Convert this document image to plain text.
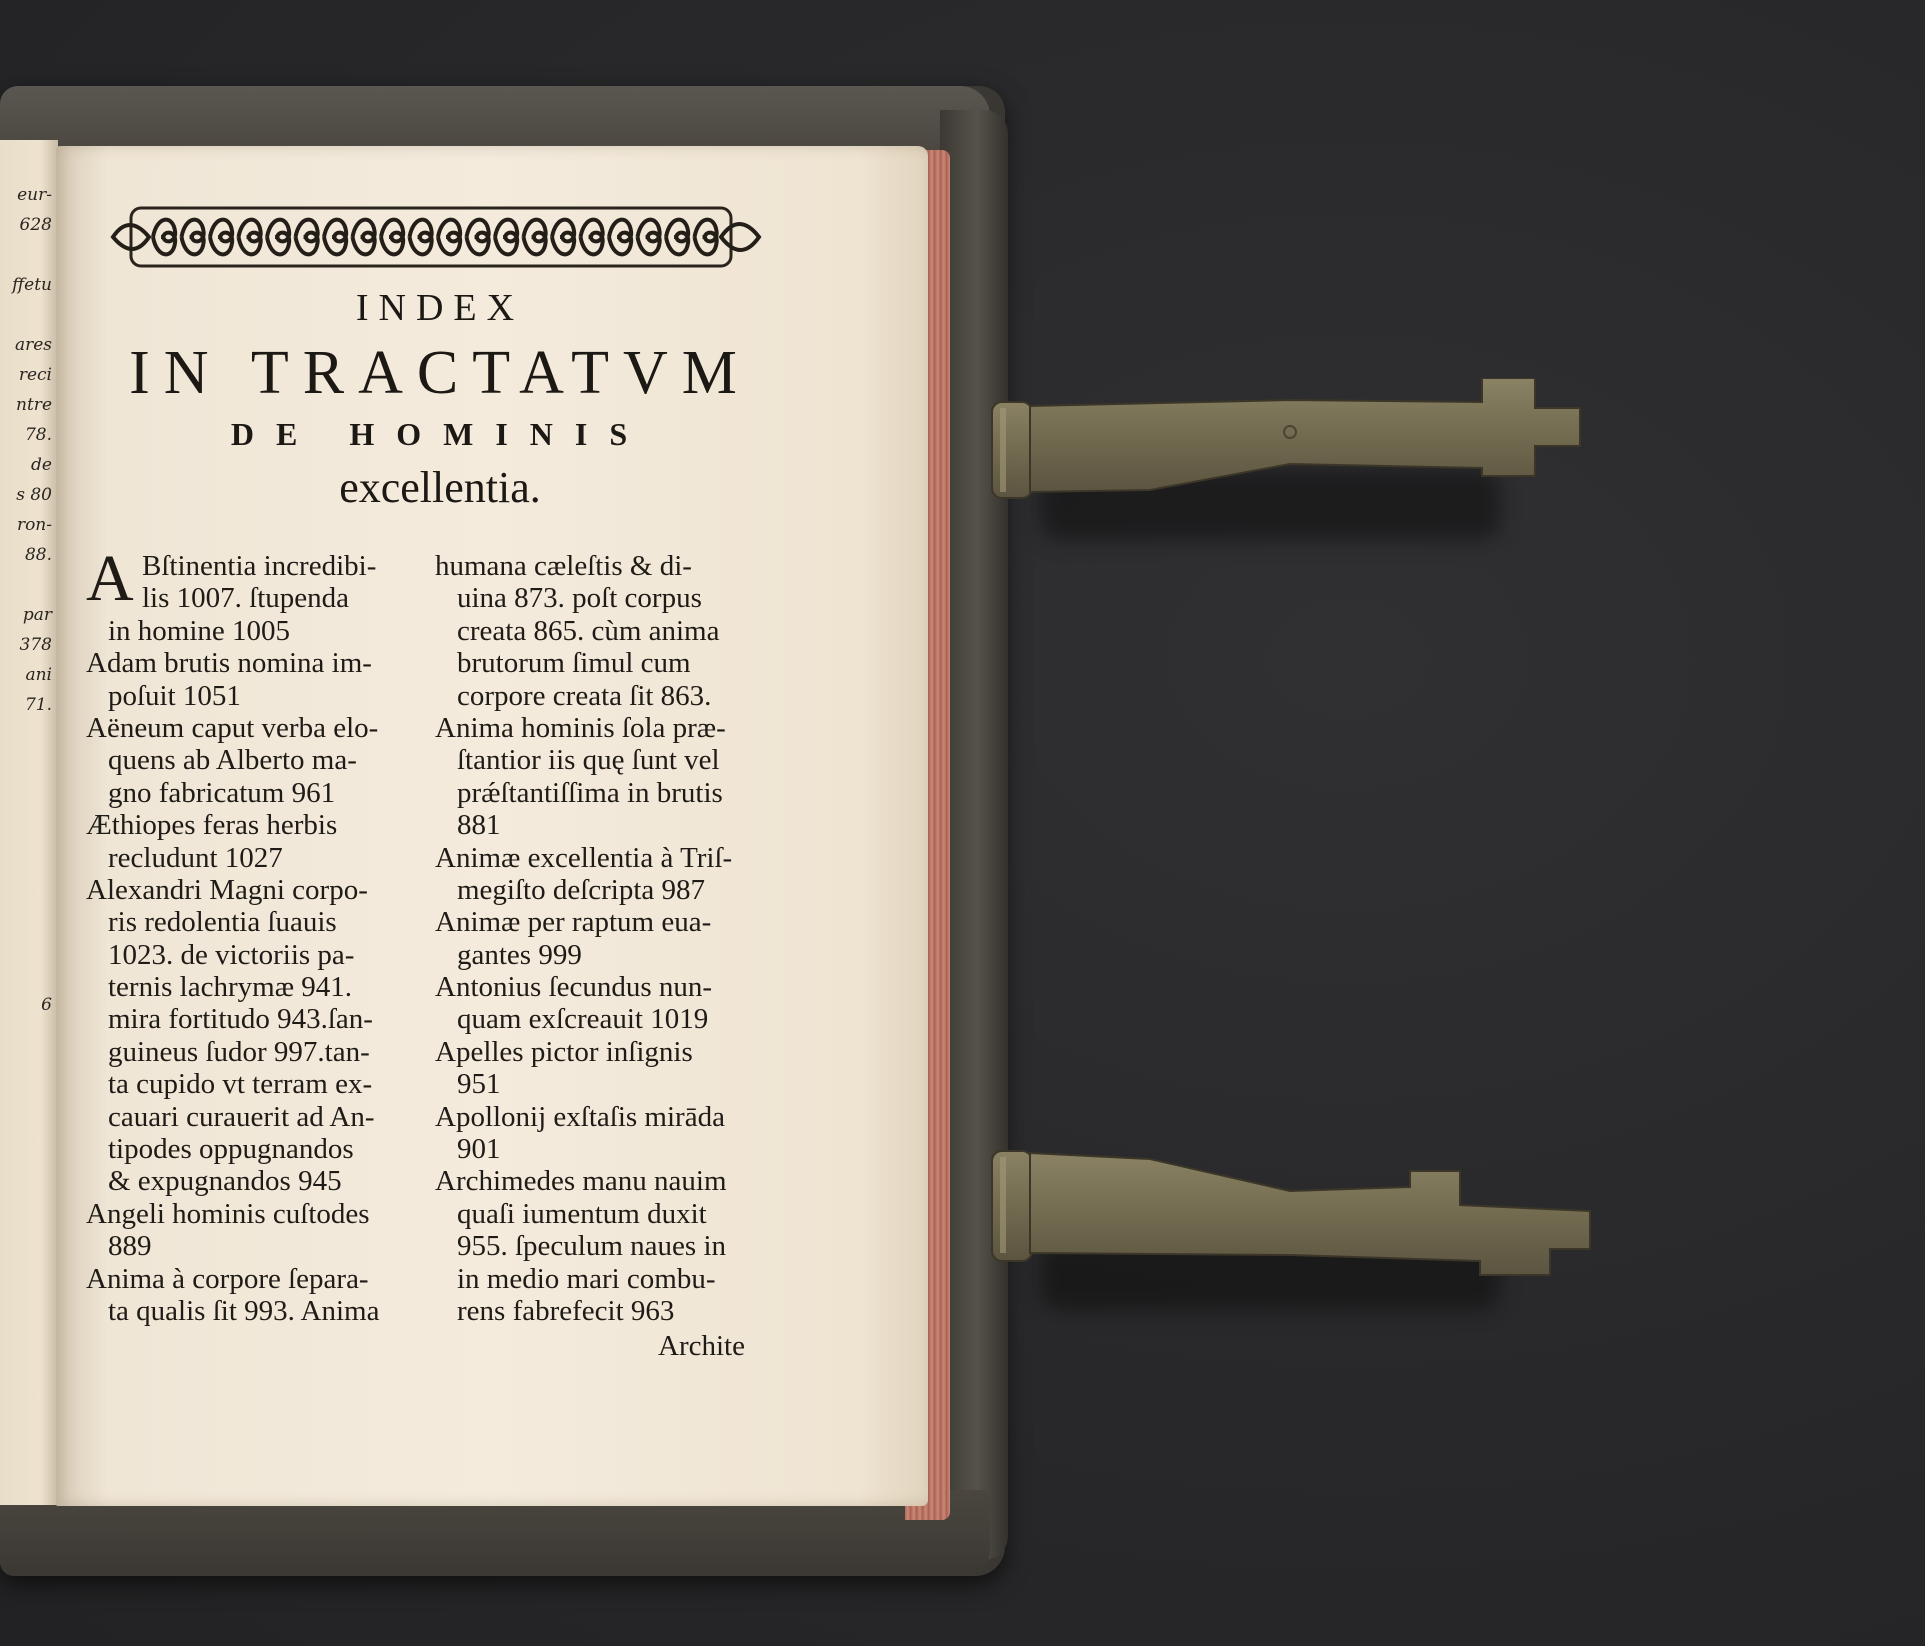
eur-
628
ffetu
ares
reci
ntre
78.
de
s 80
ron-
88.
par
378
ani
71.
6
INDEX
IN TRACTATVM
DE HOMINIS
excellentia.
A Bſtinentia incredibi-
lis 1007. ſtupenda
in homine 1005
Adam brutis nomina im-
poſuit 1051
Aëneum caput verba elo-
quens ab Alberto ma-
gno fabricatum 961
Æthiopes feras herbis
recludunt 1027
Alexandri Magni corpo-
ris redolentia ſuauis
1023. de victoriis pa-
ternis lachrymæ 941.
mira fortitudo 943.ſan-
guineus ſudor 997.tan-
ta cupido vt terram ex-
cauari curauerit ad An-
tipodes oppugnandos
& expugnandos 945
Angeli hominis cuſtodes
889
Anima à corpore ſepara-
ta qualis ſit 993. Anima
humana cæleſtis & di-
uina 873. poſt corpus
creata 865. cùm anima
brutorum ſimul cum
corpore creata ſit 863.
Anima hominis ſola præ-
ſtantior iis quę ſunt vel
prǽſtantiſſima in brutis
881
Animæ excellentia à Triſ-
megiſto deſcripta 987
Animæ per raptum eua-
gantes 999
Antonius ſecundus nun-
quam exſcreauit 1019
Apelles pictor inſignis
951
Apollonij exſtaſis mirāda
901
Archimedes manu nauim
quaſi iumentum duxit
955. ſpeculum naues in
in medio mari combu-
rens fabrefecit 963
Archite
